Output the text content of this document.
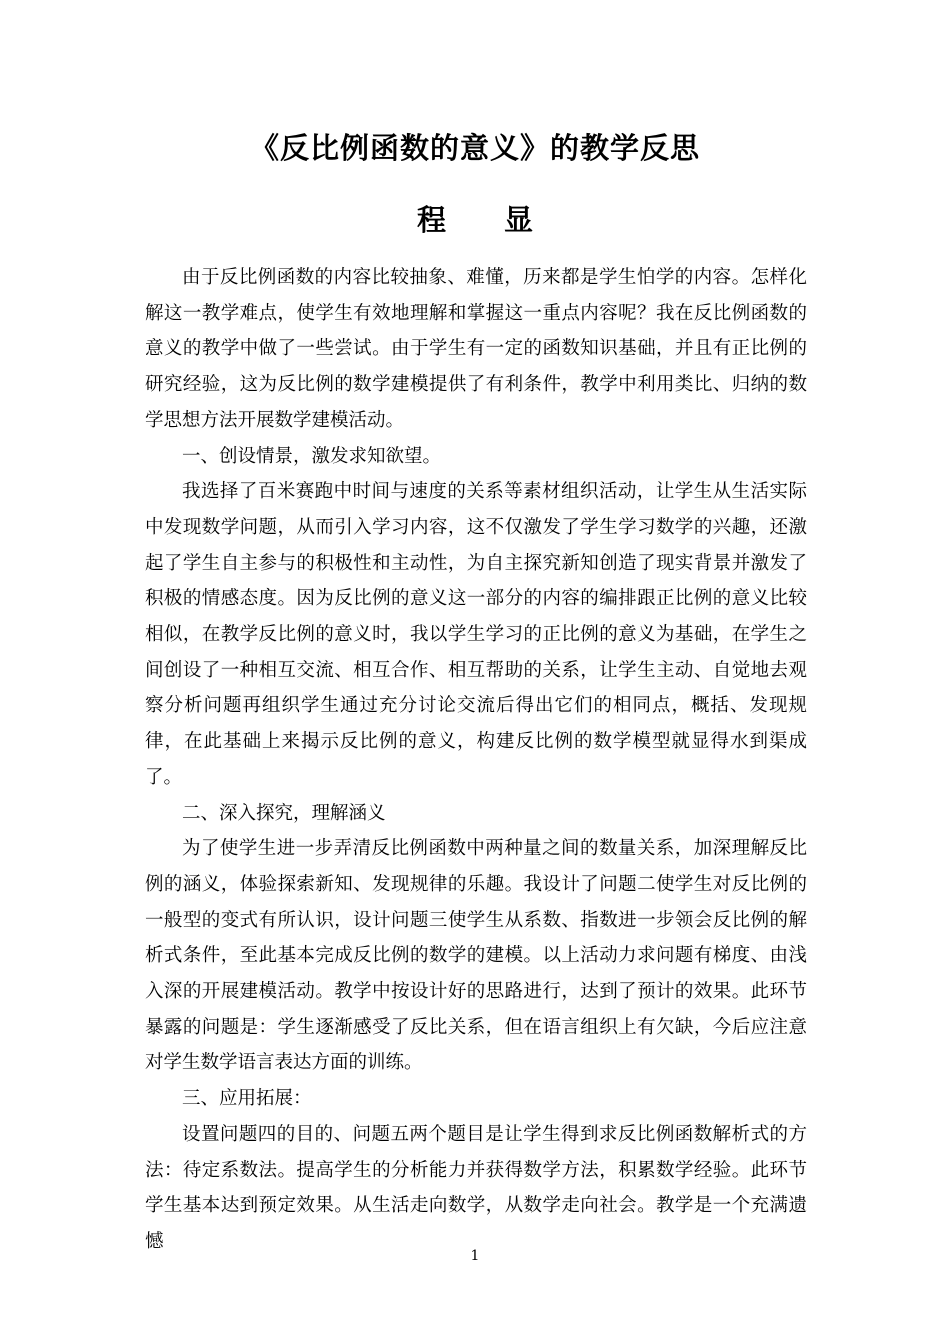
《反比例函数的意义》的教学反思
程 显

由于反比例函数的内容比较抽象、难懂，历来都是学生怕学的内容。怎样化解这一教学难点，使学生有效地理解和掌握这一重点内容呢？我在反比例函数的意义的教学中做了一些尝试。由于学生有一定的函数知识基础，并且有正比例的研究经验，这为反比例的数学建模提供了有利条件，教学中利用类比、归纳的数学思想方法开展数学建模活动。

一、创设情景，激发求知欲望。

我选择了百米赛跑中时间与速度的关系等素材组织活动，让学生从生活实际中发现数学问题，从而引入学习内容，这不仅激发了学生学习数学的兴趣，还激起了学生自主参与的积极性和主动性，为自主探究新知创造了现实背景并激发了积极的情感态度。因为反比例的意义这一部分的内容的编排跟正比例的意义比较相似，在教学反比例的意义时，我以学生学习的正比例的意义为基础，在学生之间创设了一种相互交流、相互合作、相互帮助的关系，让学生主动、自觉地去观察分析问题再组织学生通过充分讨论交流后得出它们的相同点，概括、发现规律，在此基础上来揭示反比例的意义，构建反比例的数学模型就显得水到渠成了。

二、深入探究，理解涵义

为了使学生进一步弄清反比例函数中两种量之间的数量关系，加深理解反比例的涵义，体验探索新知、发现规律的乐趣。我设计了问题二使学生对反比例的一般型的变式有所认识，设计问题三使学生从系数、指数进一步领会反比例的解析式条件，至此基本完成反比例的数学的建模。以上活动力求问题有梯度、由浅入深的开展建模活动。教学中按设计好的思路进行，达到了预计的效果。此环节暴露的问题是：学生逐渐感受了反比关系，但在语言组织上有欠缺，今后应注意对学生数学语言表达方面的训练。

三、应用拓展：

设置问题四的目的、问题五两个题目是让学生得到求反比例函数解析式的方法：待定系数法。提高学生的分析能力并获得数学方法，积累数学经验。此环节学生基本达到预定效果。从生活走向数学，从数学走向社会。教学是一个充满遗憾

1
